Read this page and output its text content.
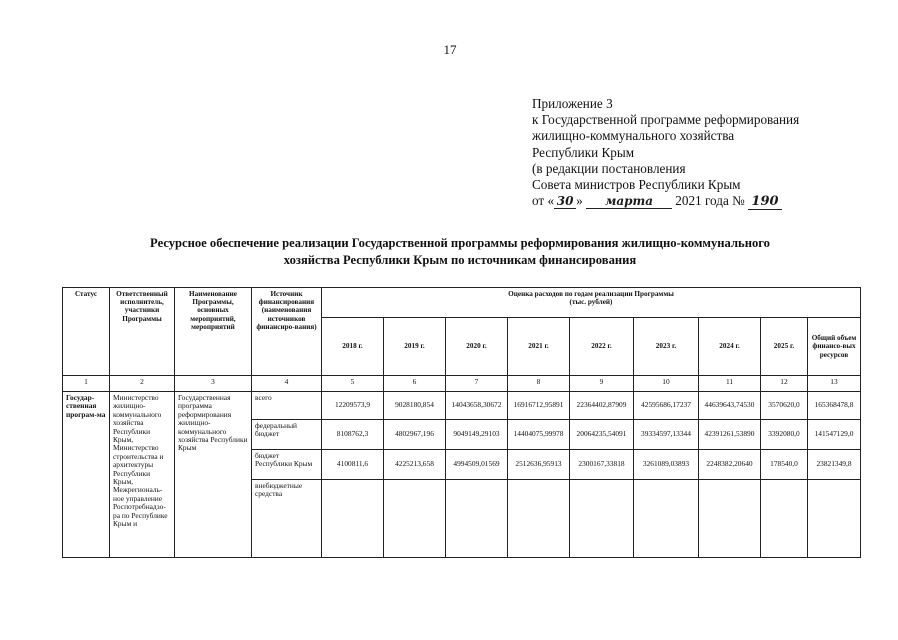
17
Приложение 3
к Государственной программе реформирования
жилищно-коммунального хозяйства
Республики Крым
(в редакции постановления
Совета министров Республики Крым
от « 30 » марта 2021 года № 190
Ресурсное обеспечение реализации Государственной программы реформирования жилищно-коммунального
хозяйства Республики Крым по источникам финансирования
Статус	Ответственный исполнитель, участники Программы	Наименование Программы, основных мероприятий, мероприятий	Источник финансирования (наименования источников финансиро-вания)	Оценка расходов по годам реализации Программы
(тыс. рублей)								

				2018 г.	2019 г.	2020 г.	2021 г.	2022 г.	2023 г.	2024 г.	2025 г.	Общий объем финансо-вых ресурсов
1	2	3	4	5	6	7	8	9	10	11	12	13
Государ-ственная програм-ма	Министерство жилищно-коммунального хозяйства Республики Крым, Министерство строительства и архитектуры Республики Крым, Межрегиональ-ное управление Роспотребнадзо-ра по Республике Крым и	Государственная программа реформирования жилищно-коммунального хозяйства Республики Крым	всего	12209573,9	9028180,854	14043658,30672	16916712,95891	22364402,87909	42595686,17237	44639643,74530	3570620,0	165368478,8
			федеральный бюджет	8108762,3	4802967,196	9049149,29103	14404075,99978	20064235,54091	39334597,13344	42391261,53890	3392080,0	141547129,0
			бюджет Республики Крым	4100811,6	4225213,658	4994509,01569	2512636,95913	2300167,33818	3261089,03893	2248382,20640	178540,0	23821349,8
			внебюджетные средства									
